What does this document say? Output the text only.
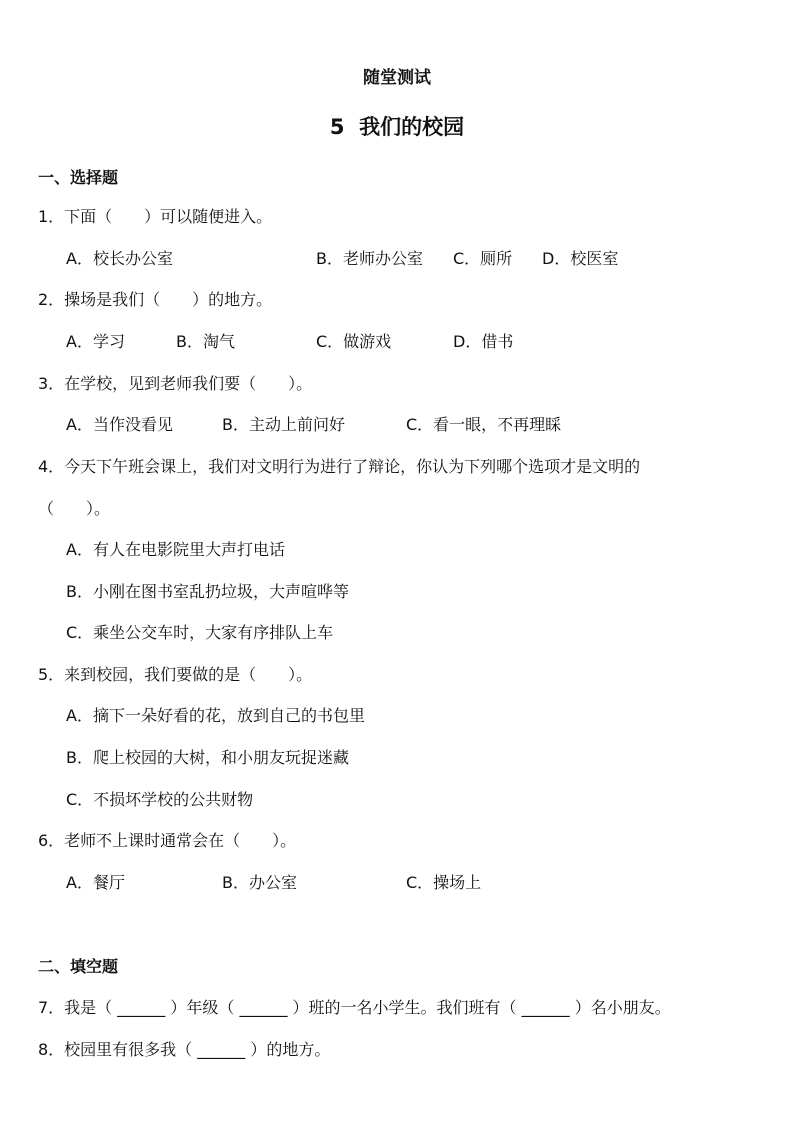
随堂测试
5  我们的校园
一、选择题
1．下面（　　）可以随便进入。
A．校长办公室	B．老师办公室 C．厕所 D．校医室
2．操场是我们（　　）的地方。
A．学习	B．淘气	C．做游戏	D．借书
3．在学校，见到老师我们要（　　）。
A．当作没看见	B．主动上前问好	C．看一眼，不再理睬
4．今天下午班会课上，我们对文明行为进行了辩论，你认为下列哪个选项才是文明的
（　　）。
A．有人在电影院里大声打电话
B．小刚在图书室乱扔垃圾，大声喧哗等
C．乘坐公交车时，大家有序排队上车
5．来到校园，我们要做的是（　　）。
A．摘下一朵好看的花，放到自己的书包里
B．爬上校园的大树，和小朋友玩捉迷藏
C．不损坏学校的公共财物
6．老师不上课时通常会在（　　）。
A．餐厅	B．办公室	C．操场上
二、填空题
7．我是（ ______ ）年级（ ______ ）班的一名小学生。我们班有（ ______ ）名小朋友。
8．校园里有很多我（ ______ ）的地方。
